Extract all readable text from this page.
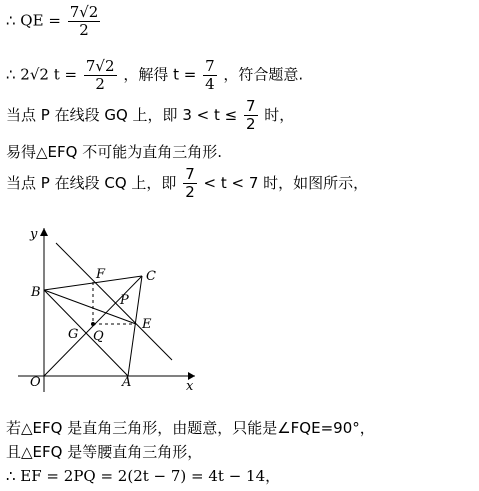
∴ QE = $\frac{7√2}{2}$
∴ 2√2 $t = \frac{7√2}{2}$ ，解得 $t = \frac{7}{4}$ ，符合题意.
当点 P 在线段 GQ 上，即 $3 < t \le \frac{7}{2}$ 时，
易得△EFQ 不可能为直角三角形.
当点 P 在线段 CQ 上，即 $\frac{7}{2} < t < 7$ 时，如图所示，
y
x
O	A
B
C
F
P
E
G Q
若△EFQ 是直角三角形，由题意，只能是∠FQE=90°，
且△EFQ 是等腰直角三角形，
∴ EF = 2PQ = 2(2t − 7) = 4t − 14，
